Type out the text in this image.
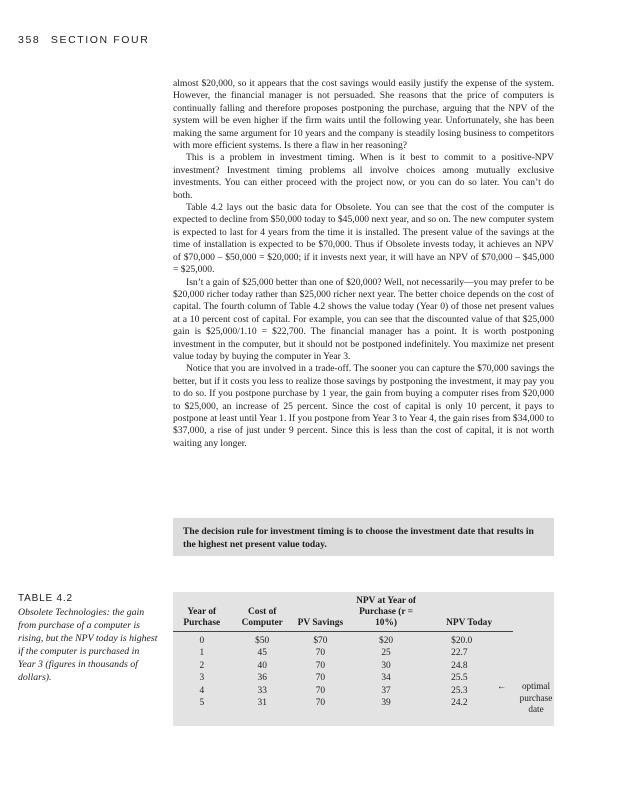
358 SECTION FOUR

almost $20,000, so it appears that the cost savings would easily justify the expense of the system. However, the financial manager is not persuaded. She reasons that the price of computers is continually falling and therefore proposes postponing the purchase, arguing that the NPV of the system will be even higher if the firm waits until the following year. Unfortunately, she has been making the same argument for 10 years and the company is steadily losing business to competitors with more efficient systems. Is there a flaw in her reasoning?

This is a problem in investment timing. When is it best to commit to a positive-NPV investment? Investment timing problems all involve choices among mutually exclusive investments. You can either proceed with the project now, or you can do so later. You can’t do both.

Table 4.2 lays out the basic data for Obsolete. You can see that the cost of the computer is expected to decline from $50,000 today to $45,000 next year, and so on. The new computer system is expected to last for 4 years from the time it is installed. The present value of the savings at the time of installation is expected to be $70,000. Thus if Obsolete invests today, it achieves an NPV of $70,000 – $50,000 = $20,000; if it invests next year, it will have an NPV of $70,000 – $45,000 = $25,000.

Isn’t a gain of $25,000 better than one of $20,000? Well, not necessarily—you may prefer to be $20,000 richer today rather than $25,000 richer next year. The better choice depends on the cost of capital. The fourth column of Table 4.2 shows the value today (Year 0) of those net present values at a 10 percent cost of capital. For example, you can see that the discounted value of that $25,000 gain is $25,000/1.10 = $22,700. The financial manager has a point. It is worth postponing investment in the computer, but it should not be postponed indefinitely. You maximize net present value today by buying the computer in Year 3.

Notice that you are involved in a trade-off. The sooner you can capture the $70,000 savings the better, but if it costs you less to realize those savings by postponing the investment, it may pay you to do so. If you postpone purchase by 1 year, the gain from buying a computer rises from $20,000 to $25,000, an increase of 25 percent. Since the cost of capital is only 10 percent, it pays to postpone at least until Year 1. If you postpone from Year 3 to Year 4, the gain rises from $34,000 to $37,000, a rise of just under 9 percent. Since this is less than the cost of capital, it is not worth waiting any longer.

The decision rule for investment timing is to choose the investment date that results in the highest net present value today.
TABLE 4.2
Obsolete Technologies: the gain from purchase of a computer is rising, but the NPV today is highest if the computer is purchased in Year 3 (figures in thousands of dollars).
Year of Purchase	Cost of Computer	PV Savings	NPV at Year of Purchase (r = 10%)	NPV Today
0	$50	$70	$20	$20.0
1	45	70	25	22.7
2	40	70	30	24.8
3	36	70	34	25.5
4	33	70	37	25.3
5	31	70	39	24.2
←	optimal
purchase
date
